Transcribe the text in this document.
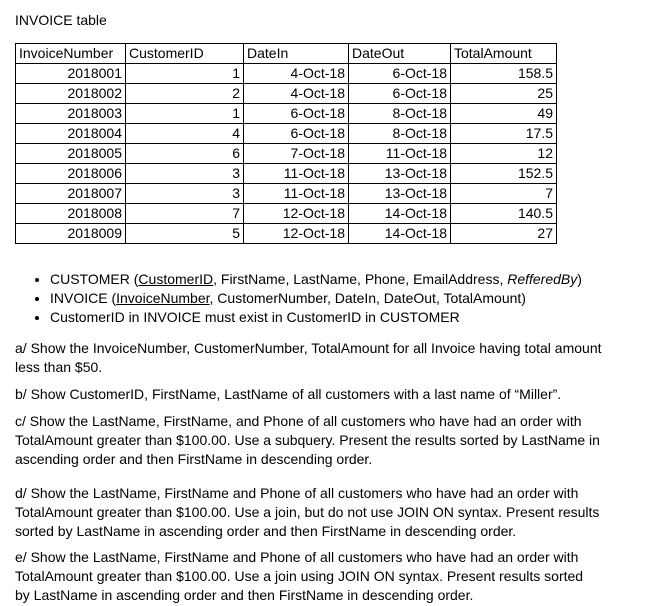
INVOICE table
InvoiceNumber	CustomerID	DateIn	DateOut	TotalAmount
2018001	1	4-Oct-18	6-Oct-18	158.5
2018002	2	4-Oct-18	6-Oct-18	25
2018003	1	6-Oct-18	8-Oct-18	49
2018004	4	6-Oct-18	8-Oct-18	17.5
2018005	6	7-Oct-18	11-Oct-18	12
2018006	3	11-Oct-18	13-Oct-18	152.5
2018007	3	11-Oct-18	13-Oct-18	7
2018008	7	12-Oct-18	14-Oct-18	140.5
2018009	5	12-Oct-18	14-Oct-18	27
• CUSTOMER (CustomerID, FirstName, LastName, Phone, EmailAddress, RefferedBy)
• INVOICE (InvoiceNumber, CustomerNumber, DateIn, DateOut, TotalAmount)
• CustomerID in INVOICE must exist in CustomerID in CUSTOMER
a/ Show the InvoiceNumber, CustomerNumber, TotalAmount for all Invoice having total amount
less than $50.
b/ Show CustomerID, FirstName, LastName of all customers with a last name of “Miller”.
c/ Show the LastName, FirstName, and Phone of all customers who have had an order with
TotalAmount greater than $100.00. Use a subquery. Present the results sorted by LastName in
ascending order and then FirstName in descending order.
d/ Show the LastName, FirstName and Phone of all customers who have had an order with
TotalAmount greater than $100.00. Use a join, but do not use JOIN ON syntax. Present results
sorted by LastName in ascending order and then FirstName in descending order.
e/ Show the LastName, FirstName and Phone of all customers who have had an order with
TotalAmount greater than $100.00. Use a join using JOIN ON syntax. Present results sorted
by LastName in ascending order and then FirstName in descending order.
